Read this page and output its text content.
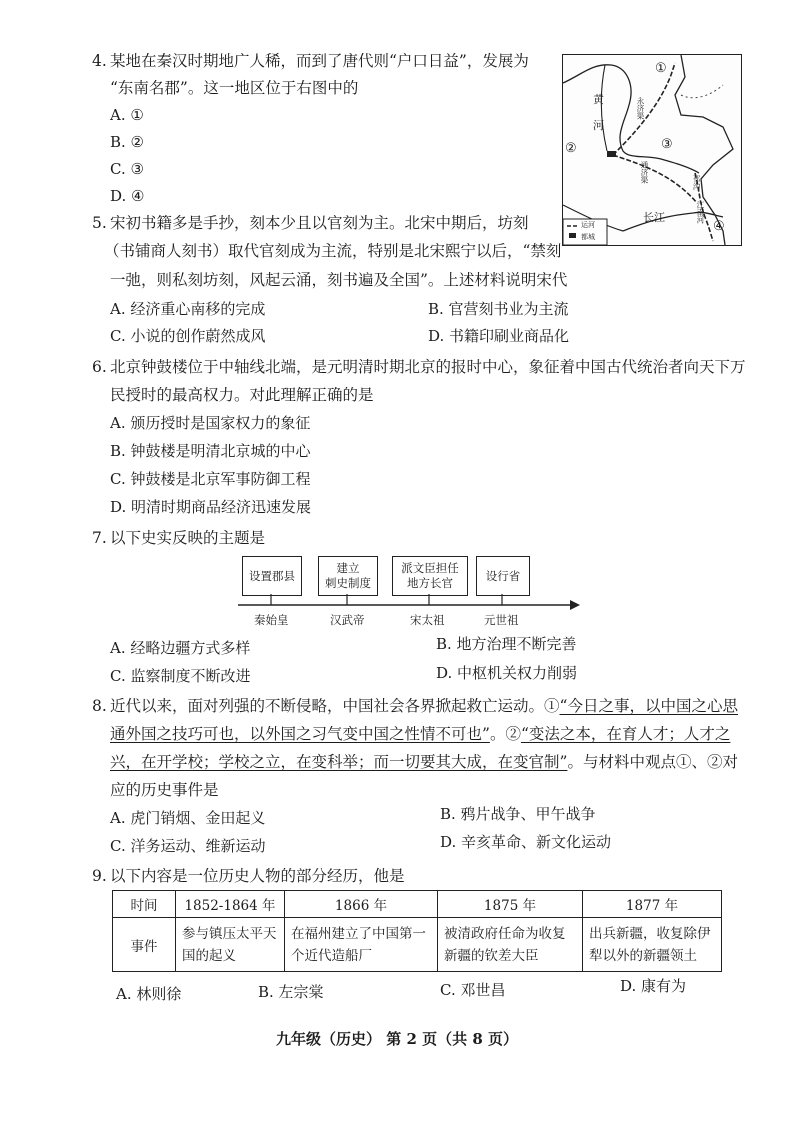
4. 某地在秦汉时期地广人稀，而到了唐代则“户口日益”，发展为
“东南名郡”。这一地区位于右图中的
A. ①
B. ②
C. ③
D. ④
①
②	③
④
黄
河
永济渠
通济渠	邗沟
江南河
长江
运河
都城
5. 宋初书籍多是手抄，刻本少且以官刻为主。北宋中期后，坊刻
（书铺商人刻书）取代官刻成为主流，特别是北宋熙宁以后，“禁刻
一弛，则私刻坊刻，风起云涌，刻书遍及全国”。上述材料说明宋代
A. 经济重心南移的完成	B. 官营刻书业为主流
C. 小说的创作蔚然成风	D. 书籍印刷业商品化
6. 北京钟鼓楼位于中轴线北端，是元明清时期北京的报时中心，象征着中国古代统治者向天下万
民授时的最高权力。对此理解正确的是
A. 颁历授时是国家权力的象征
B. 钟鼓楼是明清北京城的中心
C. 钟鼓楼是北京军事防御工程
D. 明清时期商品经济迅速发展
7. 以下史实反映的主题是
设置郡县
建立
刺史制度
派文臣担任
地方长官
设行省
秦始皇	汉武帝	宋太祖	元世祖
A. 经略边疆方式多样	B. 地方治理不断完善
C. 监察制度不断改进	D. 中枢机关权力削弱
8. 近代以来，面对列强的不断侵略，中国社会各界掀起救亡运动。①“今日之事，以中国之心思
通外国之技巧可也，以外国之习气变中国之性情不可也”。②“变法之本，在育人才；人才之
兴，在开学校；学校之立，在变科举；而一切要其大成，在变官制”。与材料中观点①、②对
应的历史事件是
A. 虎门销烟、金田起义	B. 鸦片战争、甲午战争
C. 洋务运动、维新运动	D. 辛亥革命、新文化运动
9. 以下内容是一位历史人物的部分经历，他是
时间	1852-1864 年	1866 年	1875 年	1877 年
事件	参与镇压太平天国的起义	在福州建立了中国第一个近代造船厂	被清政府任命为收复新疆的钦差大臣	出兵新疆，收复除伊犁以外的新疆领土
A. 林则徐	B. 左宗棠	C. 邓世昌	D. 康有为
九年级（历史） 第 2 页（共 8 页）
